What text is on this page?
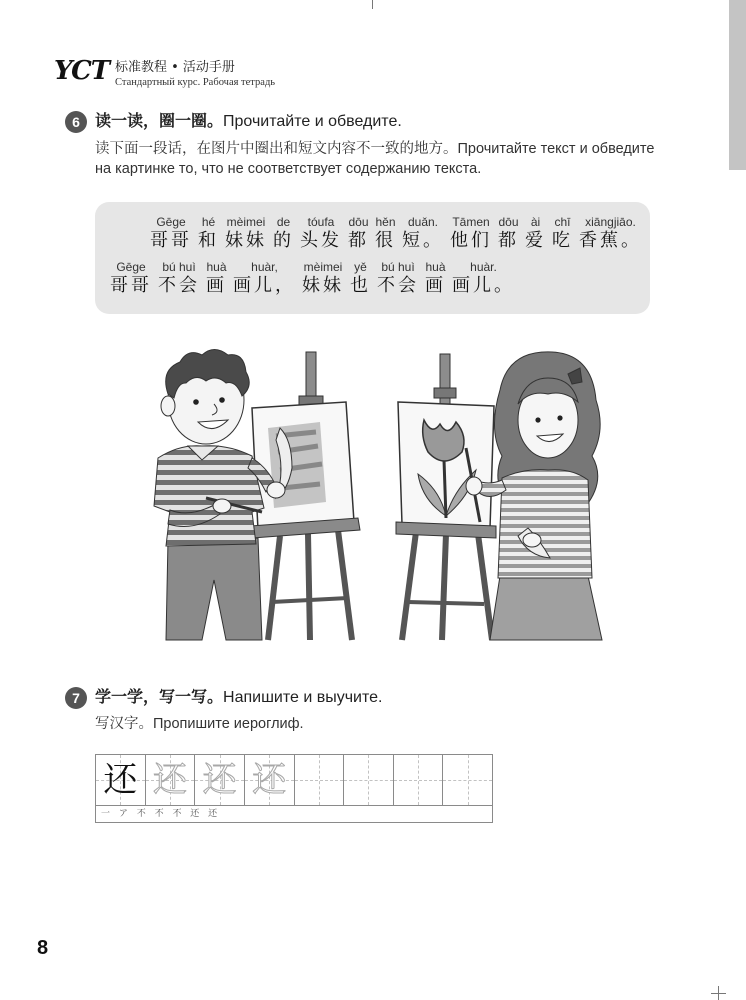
YCT 标准教程 • 活动手册
Стандартный курс. Рабочая тетрадь
6 读一读，圈一圈。Прочитайте и обведите.
读下面一段话，在图片中圈出和短文内容不一致的地方。Прочитайте текст и обведите
на картинке то, что не соответствует содержанию текста.
Gēge
哥哥
hé
和
mèimei
妹妹
de
的
tóufa
头发
dōu
都
hěn
很
duǎn.
短。
Tāmen
他们
dōu
都
ài
爱
chī
吃
xiāngjiāo.
香蕉。
Gēge
哥哥
bú huì
不会
huà
画
huàr,
画儿，
mèimei
妹妹
yě
也
bú huì
不会
huà
画
huàr.
画儿。
7 学一学，写一写。Напишите и выучите.
写汉字。Пропишите иероглиф.
还 还 还 还
一 ア 不 不 不 还 还
8
